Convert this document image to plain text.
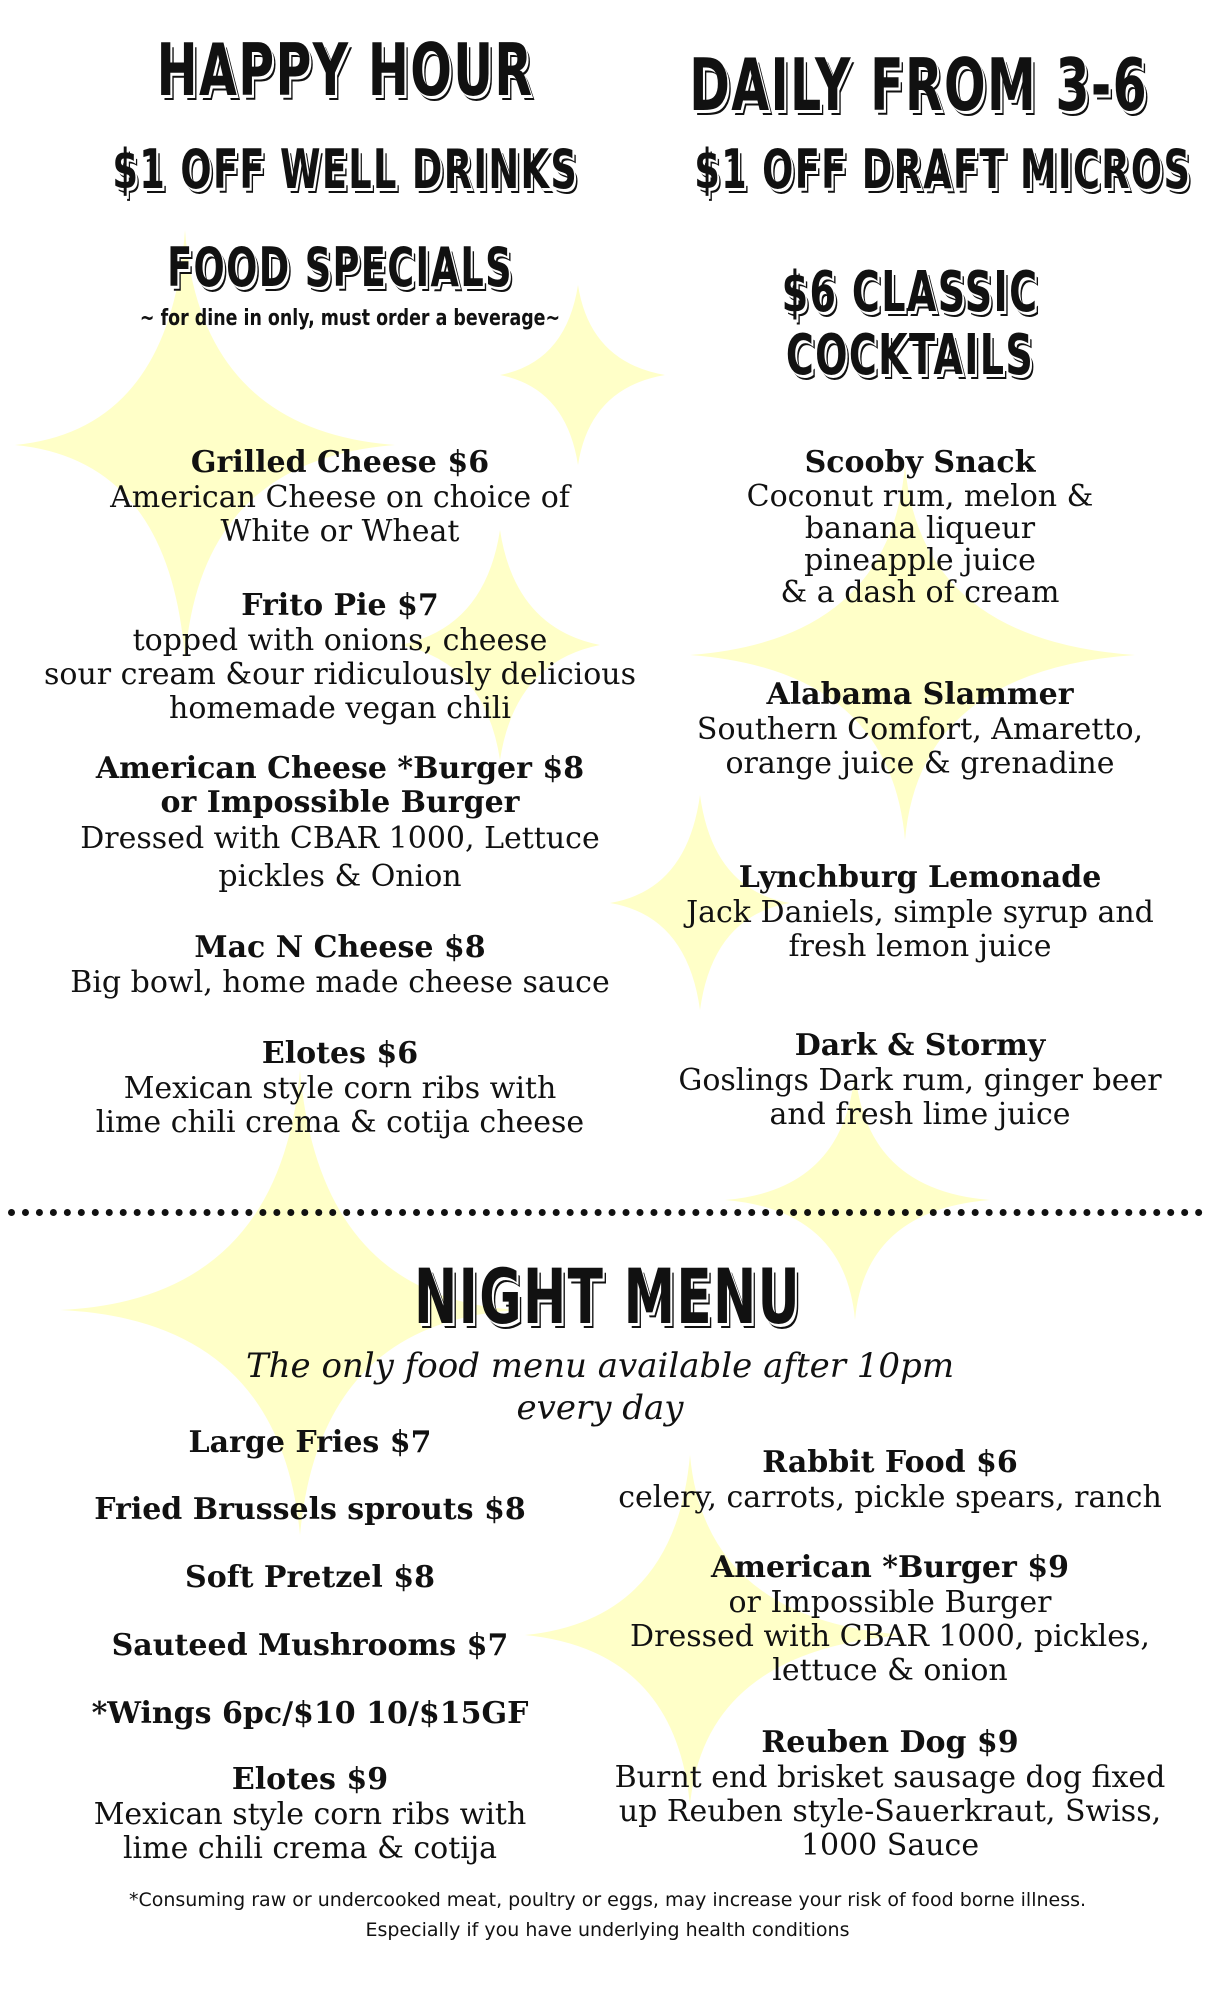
HAPPY HOUR	DAILY FROM 3-6
$1 OFF WELL DRINKS $1 OFF DRAFT MICROS
FOOD SPECIALS
~ for dine in only, must order a beverage~	$6 CLASSIC
COCKTAILS
Grilled Cheese $6
American Cheese on choice of
White or Wheat
Frito Pie $7
topped with onions, cheese
sour cream &our ridiculously delicious
homemade vegan chili
American Cheese *Burger $8
or Impossible Burger
Dressed with CBAR 1000, Lettuce
pickles & Onion
Mac N Cheese $8
Big bowl, home made cheese sauce
Elotes $6
Mexican style corn ribs with
lime chili crema & cotija cheese
Scooby Snack
Coconut rum, melon &
banana liqueur
pineapple juice
& a dash of cream
Alabama Slammer
Southern Comfort, Amaretto,
orange juice & grenadine
Lynchburg Lemonade
Jack Daniels, simple syrup and
fresh lemon juice
Dark & Stormy
Goslings Dark rum, ginger beer
and fresh lime juice
NIGHT MENU
The only food menu available after 10pm
every day
Large Fries $7
Fried Brussels sprouts $8
Soft Pretzel $8
Sauteed Mushrooms $7
*Wings 6pc/$10 10/$15GF
Elotes $9
Mexican style corn ribs with
lime chili crema & cotija
Rabbit Food $6
celery, carrots, pickle spears, ranch
American *Burger $9
or Impossible Burger
Dressed with CBAR 1000, pickles,
lettuce & onion
Reuben Dog $9
Burnt end brisket sausage dog fixed
up Reuben style-Sauerkraut, Swiss,
1000 Sauce
*Consuming raw or undercooked meat, poultry or eggs, may increase your risk of food borne illness.
Especially if you have underlying health conditions
